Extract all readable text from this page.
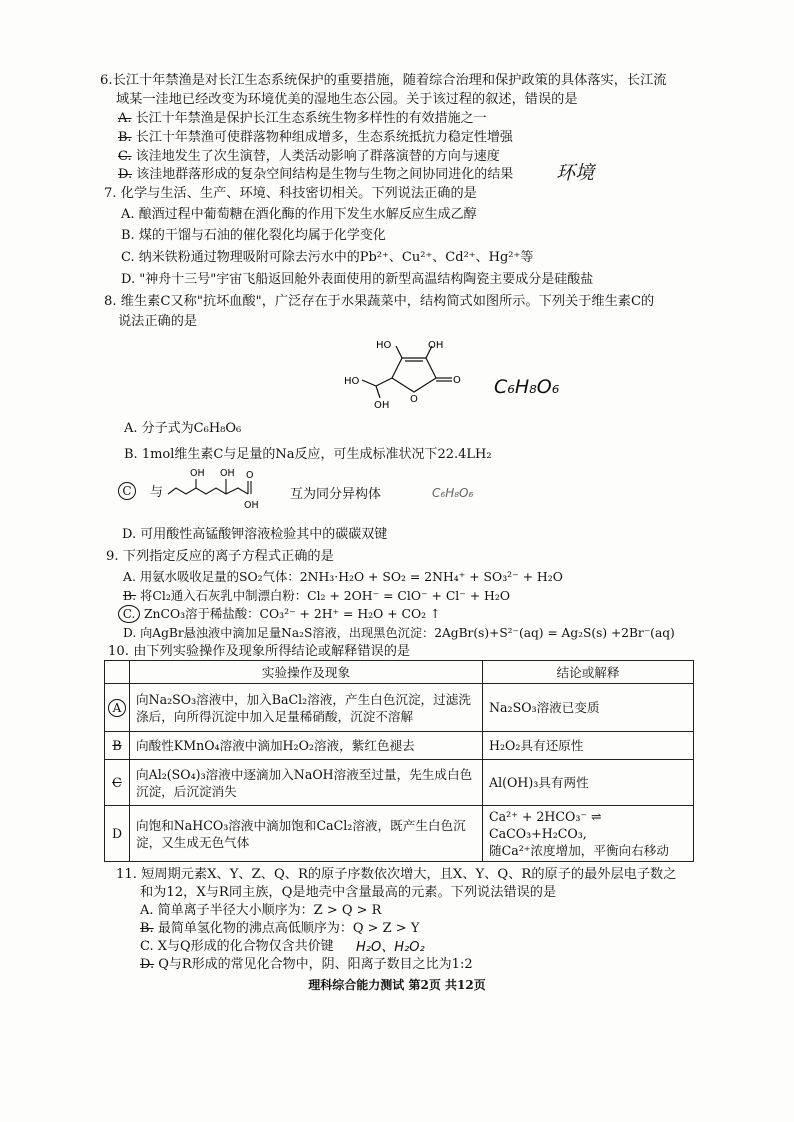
6.长江十年禁渔是对长江生态系统保护的重要措施，随着综合治理和保护政策的具体落实，长江流
域某一洼地已经改变为环境优美的湿地生态公园。关于该过程的叙述，错误的是
A. 长江十年禁渔是保护长江生态系统生物多样性的有效措施之一
B. 长江十年禁渔可使群落物种组成增多，生态系统抵抗力稳定性增强
C. 该洼地发生了次生演替，人类活动影响了群落演替的方向与速度
D. 该洼地群落形成的复杂空间结构是生物与生物之间协同进化的结果 环境
7. 化学与生活、生产、环境、科技密切相关。下列说法正确的是
A. 酿酒过程中葡萄糖在酒化酶的作用下发生水解反应生成乙醇
B. 煤的干馏与石油的催化裂化均属于化学变化
C. 纳米铁粉通过物理吸附可除去污水中的Pb²⁺、Cu²⁺、Cd²⁺、Hg²⁺等
D. "神舟十三号"宇宙飞船返回舱外表面使用的新型高温结构陶瓷主要成分是硅酸盐
8. 维生素C又称"抗坏血酸"，广泛存在于水果蔬菜中，结构简式如图所示。下列关于维生素C的
说法正确的是
HO	OH
HO
OH
O
O C₆H₈O₆
A. 分子式为C₆H₈O₆
B. 1mol维生素C与足量的Na反应，可生成标准状况下22.4LH₂
C	与
OH OH O
OH
互为同分异构体	C₆H₈O₆
D. 可用酸性高锰酸钾溶液检验其中的碳碳双键
9. 下列指定反应的离子方程式正确的是
A. 用氨水吸收足量的SO₂气体：2NH₃·H₂O + SO₂ = 2NH₄⁺ + SO₃²⁻ + H₂O
B. 将Cl₂通入石灰乳中制漂白粉：Cl₂ + 2OH⁻ = ClO⁻ + Cl⁻ + H₂O
C. ZnCO₃溶于稀盐酸：CO₃²⁻ + 2H⁺ = H₂O + CO₂ ↑
D. 向AgBr悬浊液中滴加足量Na₂S溶液，出现黑色沉淀：2AgBr(s)+S²⁻(aq) = Ag₂S(s) +2Br⁻(aq)
10. 由下列实验操作及现象所得结论或解释错误的是
	实验操作及现象	结论或解释
A	向Na₂SO₃溶液中，加入BaCl₂溶液，产生白色沉淀，过滤洗涤后，向所得沉淀中加入足量稀硝酸，沉淀不溶解	Na₂SO₃溶液已变质
B	向酸性KMnO₄溶液中滴加H₂O₂溶液，紫红色褪去	H₂O₂具有还原性
C	向Al₂(SO₄)₃溶液中逐滴加入NaOH溶液至过量，先生成白色沉淀，后沉淀消失	Al(OH)₃具有两性
D	向饱和NaHCO₃溶液中滴加饱和CaCl₂溶液，既产生白色沉淀，又生成无色气体	Ca²⁺ + 2HCO₃⁻ ⇌ CaCO₃+H₂CO₃,
随Ca²⁺浓度增加，平衡向右移动
11. 短周期元素X、Y、Z、Q、R的原子序数依次增大，且X、Y、Q、R的原子的最外层电子数之
和为12，X与R同主族，Q是地壳中含量最高的元素。下列说法错误的是
A. 简单离子半径大小顺序为：Z > Q > R
B. 最简单氢化物的沸点高低顺序为：Q > Z > Y
C. X与Q形成的化合物仅含共价键 H₂O、H₂O₂
D. Q与R形成的常见化合物中，阴、阳离子数目之比为1:2
理科综合能力测试 第2页 共12页
